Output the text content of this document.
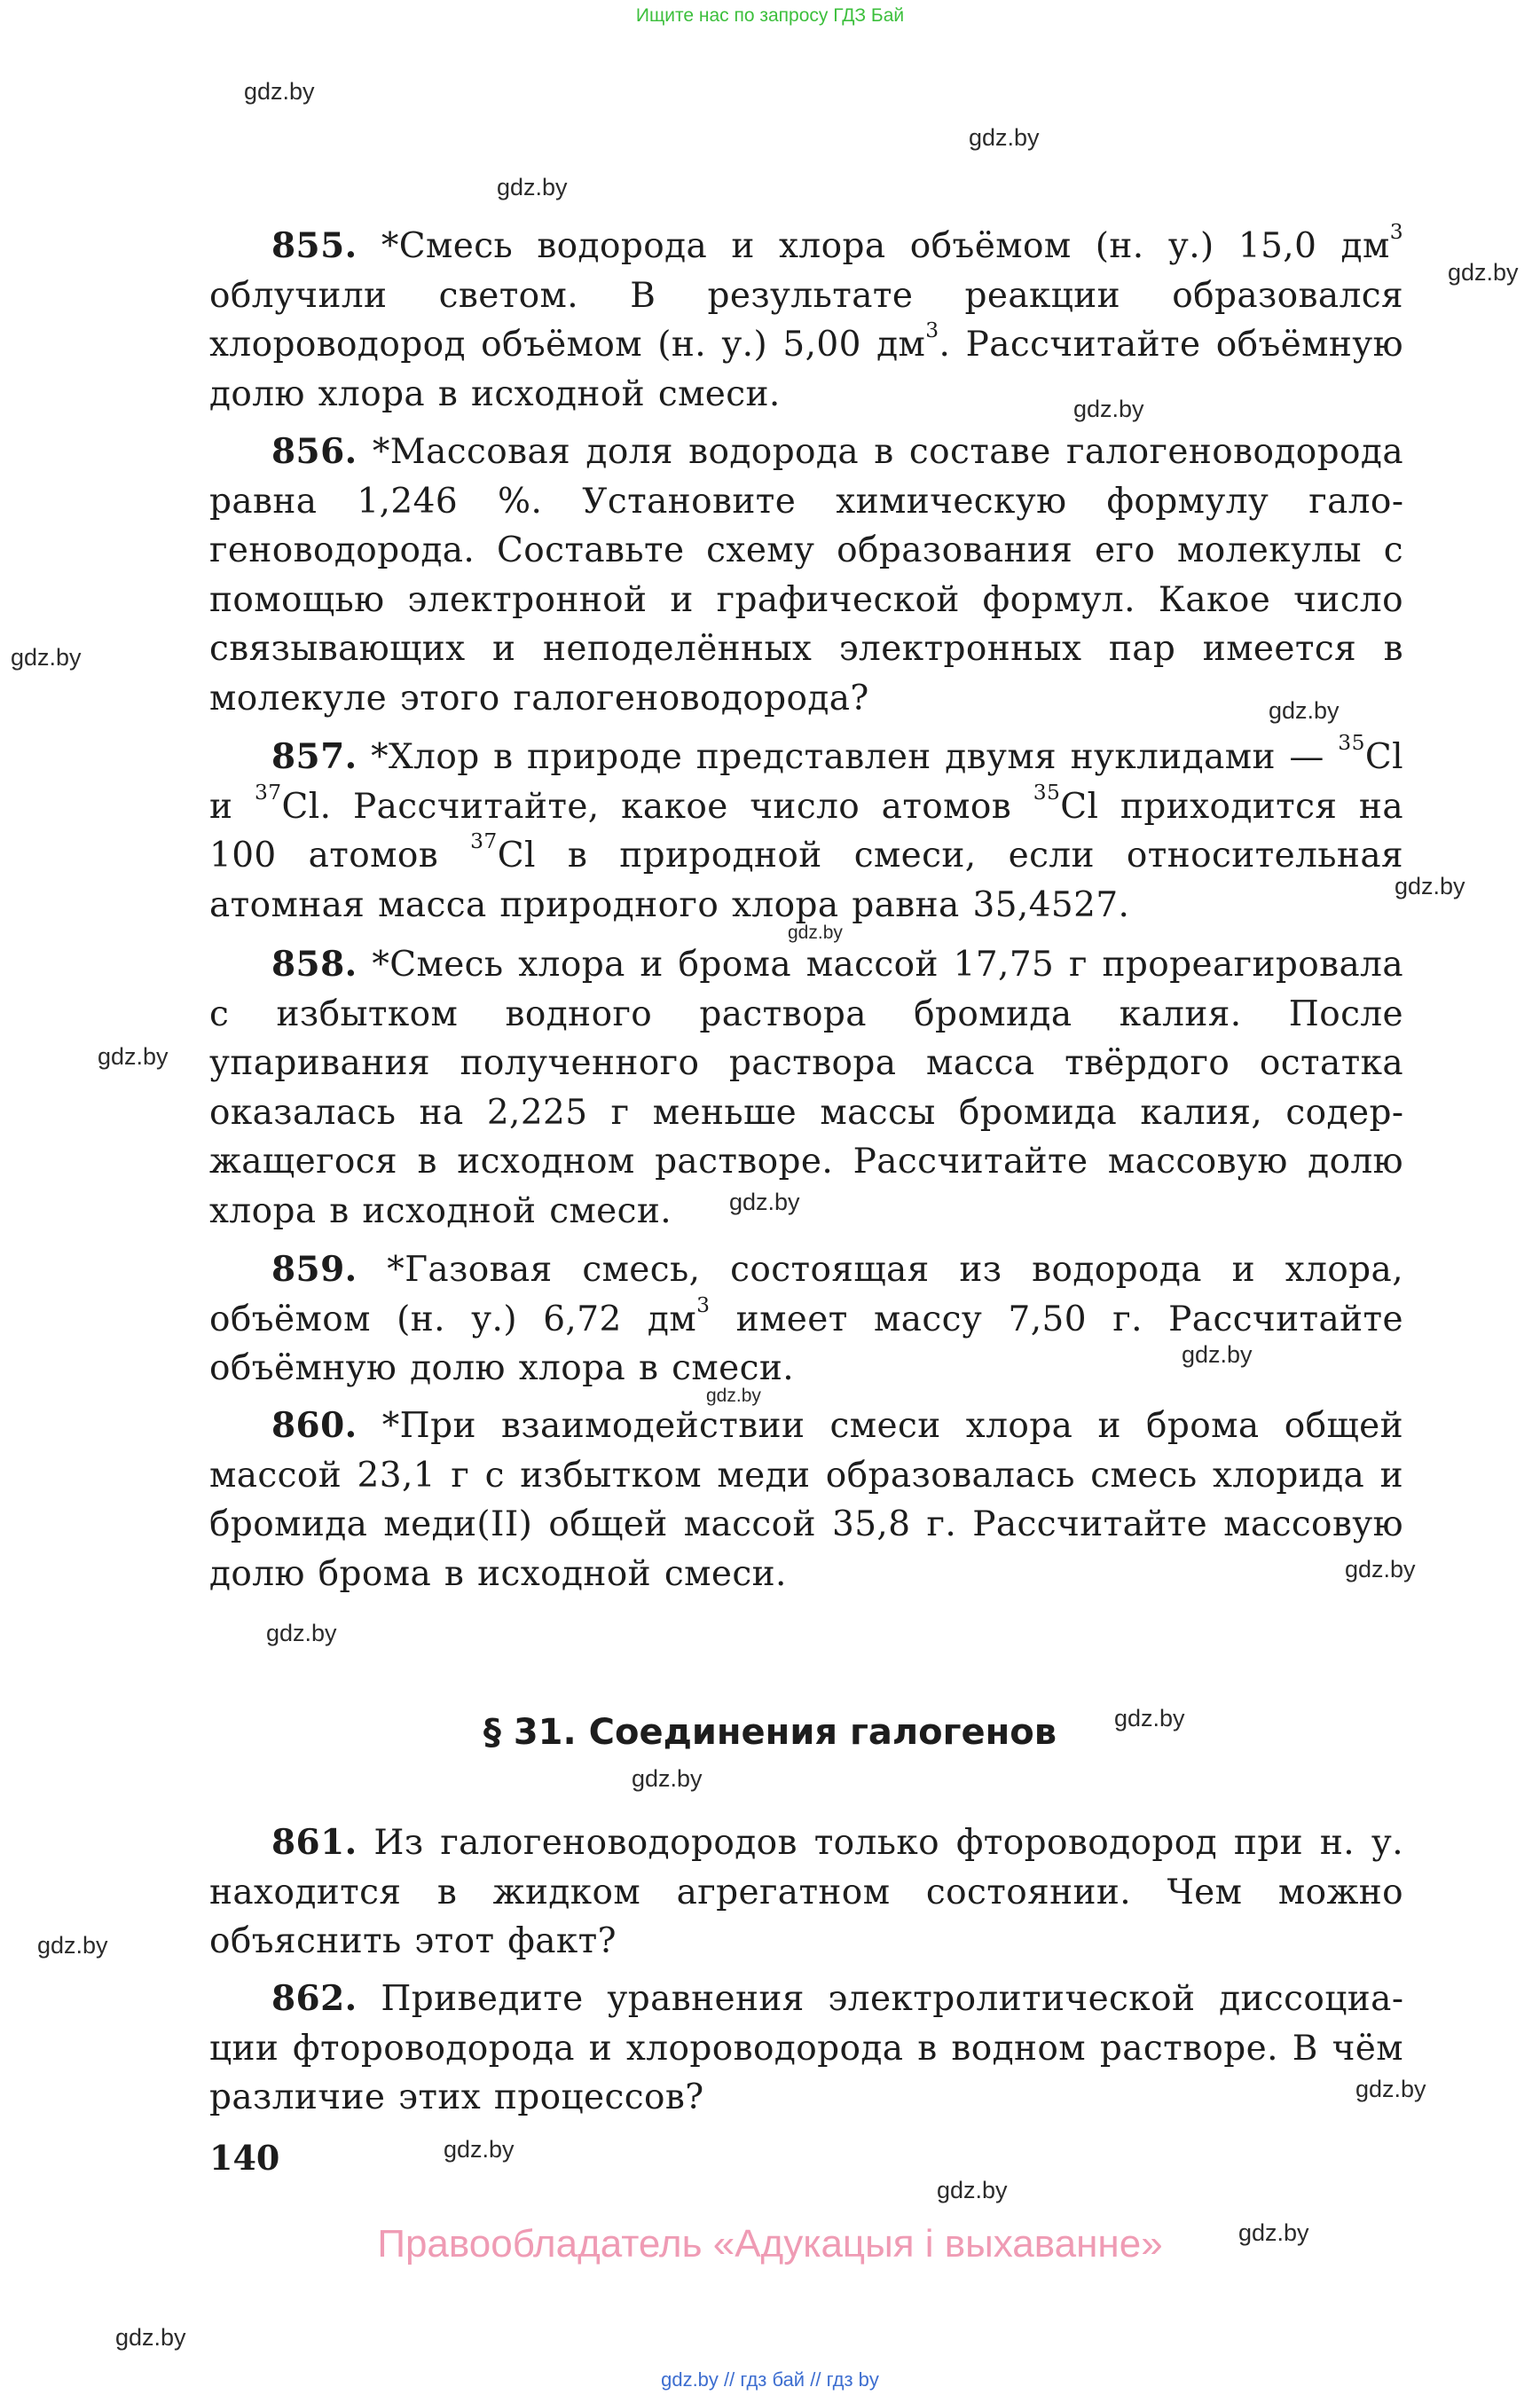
Ищите нас по запросу ГДЗ Бай
gdz.by
gdz.by
gdz.by
gdz.by
gdz.by
gdz.by
gdz.by
gdz.by
gdz.by
gdz.by
gdz.by
gdz.by
gdz.by
gdz.by
gdz.by
gdz.by
gdz.by
gdz.by
gdz.by
gdz.by
gdz.by
gdz.by
gdz.by
855. *Смесь водорода и хлора объёмом (н. у.) 15,0 $дм^3$ облучили светом. В результате реакции образовался хлороводород объёмом (н. у.) 5,00 $дм^3$. Рассчитайте объёмную долю хлора в исходной смеси.
856. *Массовая доля водорода в составе галогеноводорода равна 1,246 %. Установите химическую формулу галогеноводорода. Составьте схему образования его молекулы с помощью электронной и графической формул. Какое число связывающих и неподелённых электронных пар имеется в молекуле этого галогеноводорода?
857. *Хлор в природе представлен двумя нуклидами — $^{35}$Cl и $^{37}$Cl. Рассчитайте, какое число атомов $^{35}$Cl приходится на 100 атомов $^{37}$Cl в природной смеси, если относительная атомная масса природного хлора равна 35,4527.
858. *Смесь хлора и брома массой 17,75 г прореагировала с избытком водного раствора бромида калия. После упаривания полученного раствора масса твёрдого остатка оказалась на 2,225 г меньше массы бромида калия, содержащегося в исходном растворе. Рассчитайте массовую долю хлора в исходной смеси.
859. *Газовая смесь, состоящая из водорода и хлора, объёмом (н. у.) 6,72 $дм^3$ имеет массу 7,50 г. Рассчитайте объёмную долю хлора в смеси.
860. *При взаимодействии смеси хлора и брома общей массой 23,1 г с избытком меди образовалась смесь хлорида и бромида меди(II) общей массой 35,8 г. Рассчитайте массовую долю брома в исходной смеси.
§ 31. Соединения галогенов
861. Из галогеноводородов только фтороводород при н. у. находится в жидком агрегатном состоянии. Чем можно объяснить этот факт?
862. Приведите уравнения электролитической диссоциации фтороводорода и хлороводорода в водном растворе. В чём различие этих процессов?
140
Правообладатель «Адукацыя і выхаванне»
gdz.by // гдз бай // гдз by
